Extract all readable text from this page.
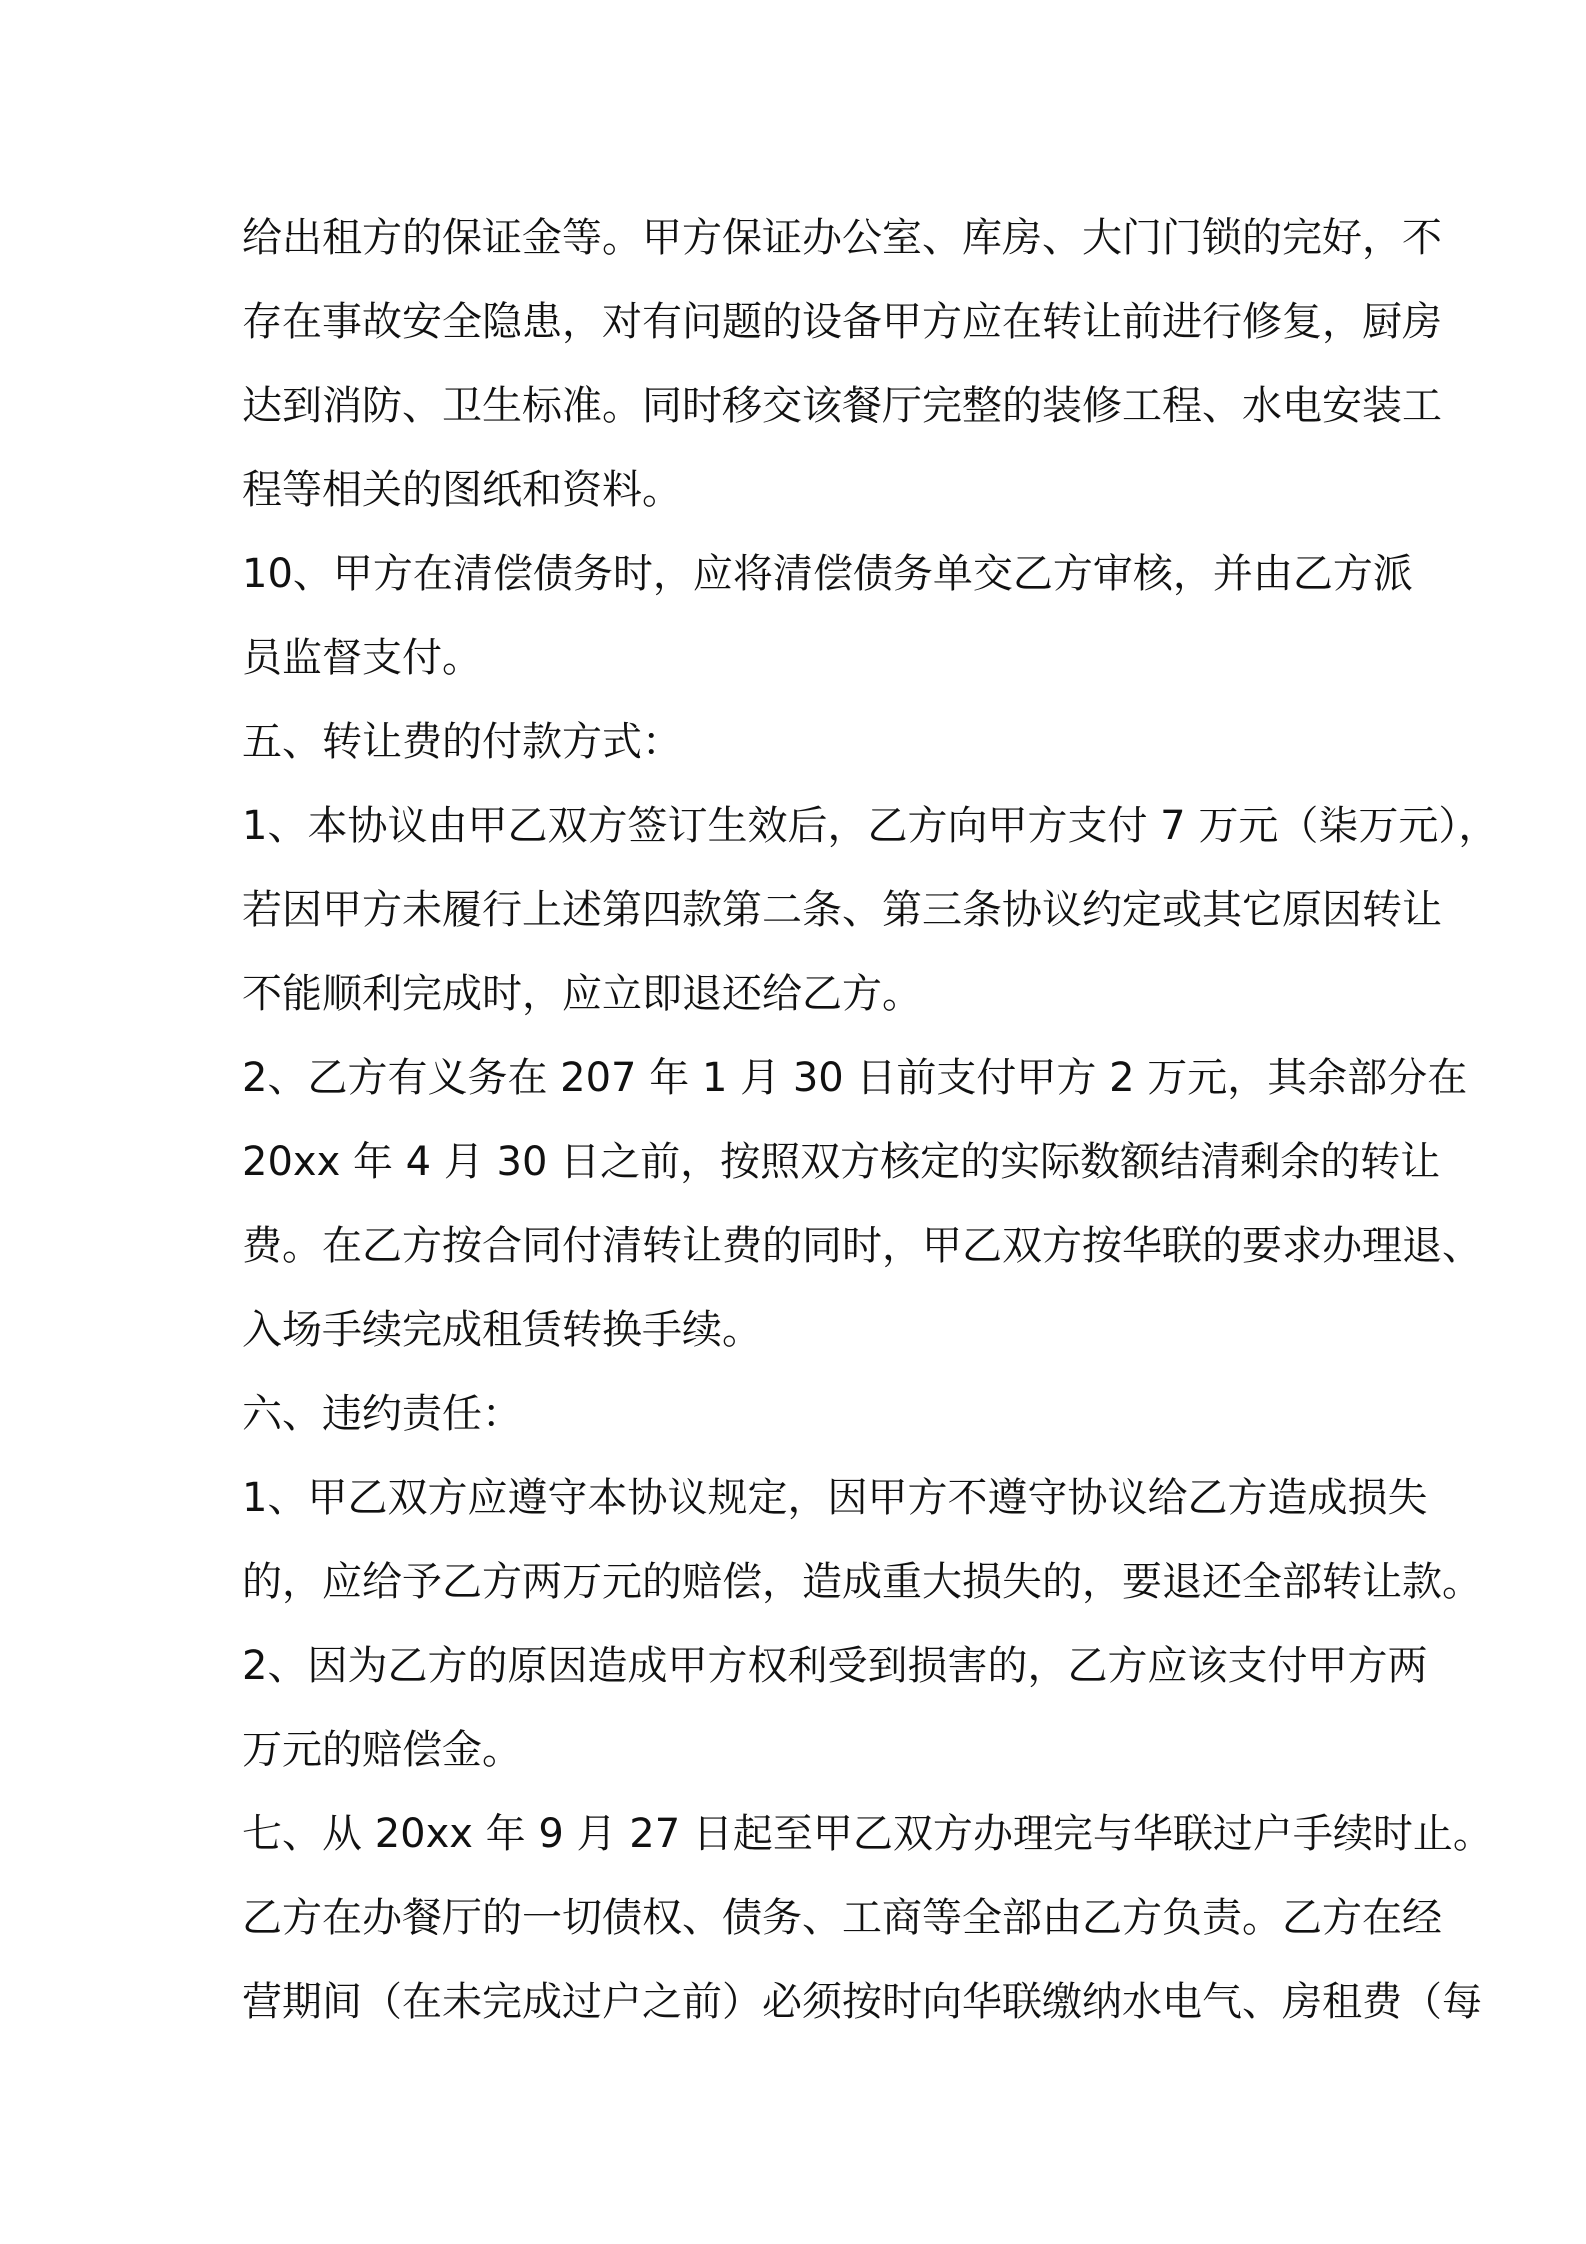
给出租方的保证金等。甲方保证办公室、库房、大门门锁的完好，不
存在事故安全隐患，对有问题的设备甲方应在转让前进行修复，厨房
达到消防、卫生标准。同时移交该餐厅完整的装修工程、水电安装工
程等相关的图纸和资料。
10、甲方在清偿债务时，应将清偿债务单交乙方审核，并由乙方派
员监督支付。
五、转让费的付款方式：
1、本协议由甲乙双方签订生效后，乙方向甲方支付 7 万元（柒万元），
若因甲方未履行上述第四款第二条、第三条协议约定或其它原因转让
不能顺利完成时，应立即退还给乙方。
2、乙方有义务在 207 年 1 月 30 日前支付甲方 2 万元，其余部分在
20xx 年 4 月 30 日之前，按照双方核定的实际数额结清剩余的转让
费。在乙方按合同付清转让费的同时，甲乙双方按华联的要求办理退、
入场手续完成租赁转换手续。
六、违约责任：
1、甲乙双方应遵守本协议规定，因甲方不遵守协议给乙方造成损失
的，应给予乙方两万元的赔偿，造成重大损失的，要退还全部转让款。
2、因为乙方的原因造成甲方权利受到损害的，乙方应该支付甲方两
万元的赔偿金。
七、从 20xx 年 9 月 27 日起至甲乙双方办理完与华联过户手续时止。
乙方在办餐厅的一切债权、债务、工商等全部由乙方负责。乙方在经
营期间（在未完成过户之前）必须按时向华联缴纳水电气、房租费（每
